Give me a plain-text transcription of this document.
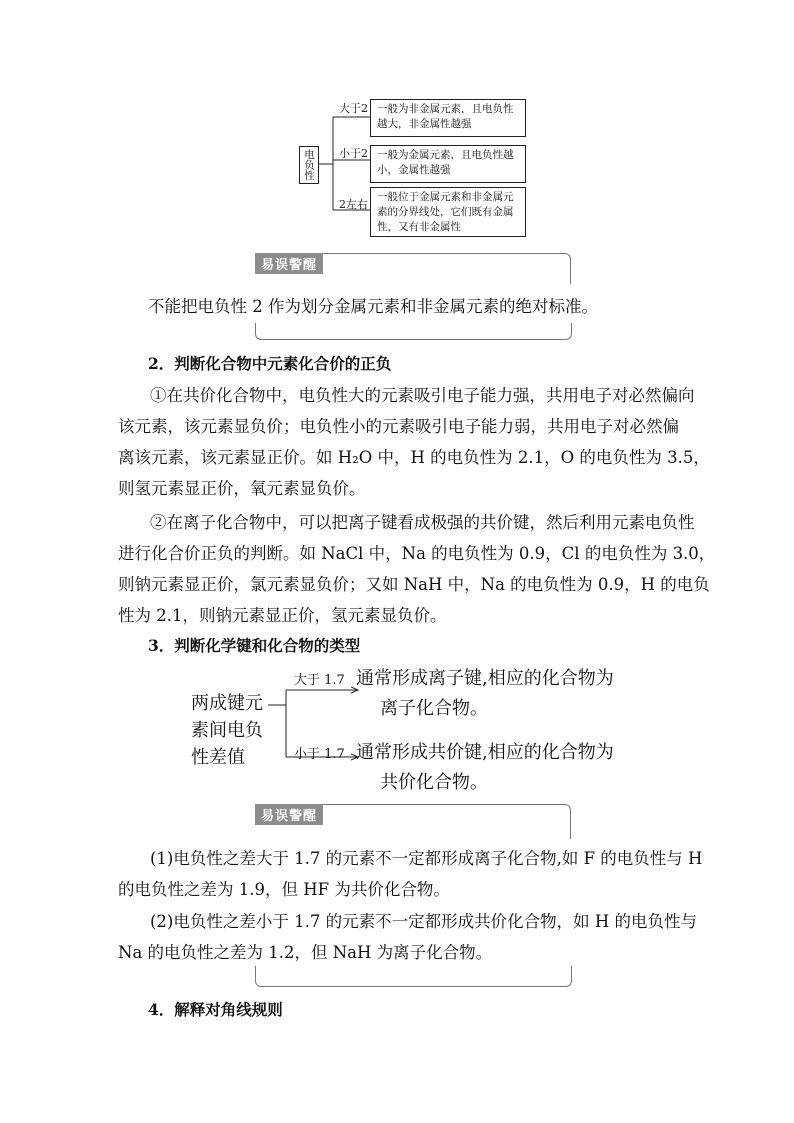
电负性
大于2
小于2
2左右
一般为非金属元素，且电负性越大，非金属性越强
一般为金属元素，且电负性越小，金属性越强
一般位于金属元素和非金属元素的分界线处，它们既有金属性，又有非金属性
易误警醒

不能把电负性 2 作为划分金属元素和非金属元素的绝对标准。

2．判断化合物中元素化合价的正负

①在共价化合物中，电负性大的元素吸引电子能力强，共用电子对必然偏向

该元素，该元素显负价；电负性小的元素吸引电子能力弱，共用电子对必然偏

离该元素，该元素显正价。如 H₂O 中，H 的电负性为 2.1，O 的电负性为 3.5，

则氢元素显正价，氧元素显负价。

②在离子化合物中，可以把离子键看成极强的共价键，然后利用元素电负性

进行化合价正负的判断。如 NaCl 中，Na 的电负性为 0.9，Cl 的电负性为 3.0，

则钠元素显正价，氯元素显负价；又如 NaH 中，Na 的电负性为 0.9，H 的电负

性为 2.1，则钠元素显正价，氢元素显负价。

3．判断化学键和化合物的类型

两成键元
素间电负
性差值
大于 1.7 通常形成离子键,相应的化合物为
离子化合物。
小于 1.7 通常形成共价键,相应的化合物为
共价化合物。
易误警醒

(1)电负性之差大于 1.7 的元素不一定都形成离子化合物,如 F 的电负性与 H

的电负性之差为 1.9，但 HF 为共价化合物。

(2)电负性之差小于 1.7 的元素不一定都形成共价化合物，如 H 的电负性与

Na 的电负性之差为 1.2，但 NaH 为离子化合物。

4．解释对角线规则
